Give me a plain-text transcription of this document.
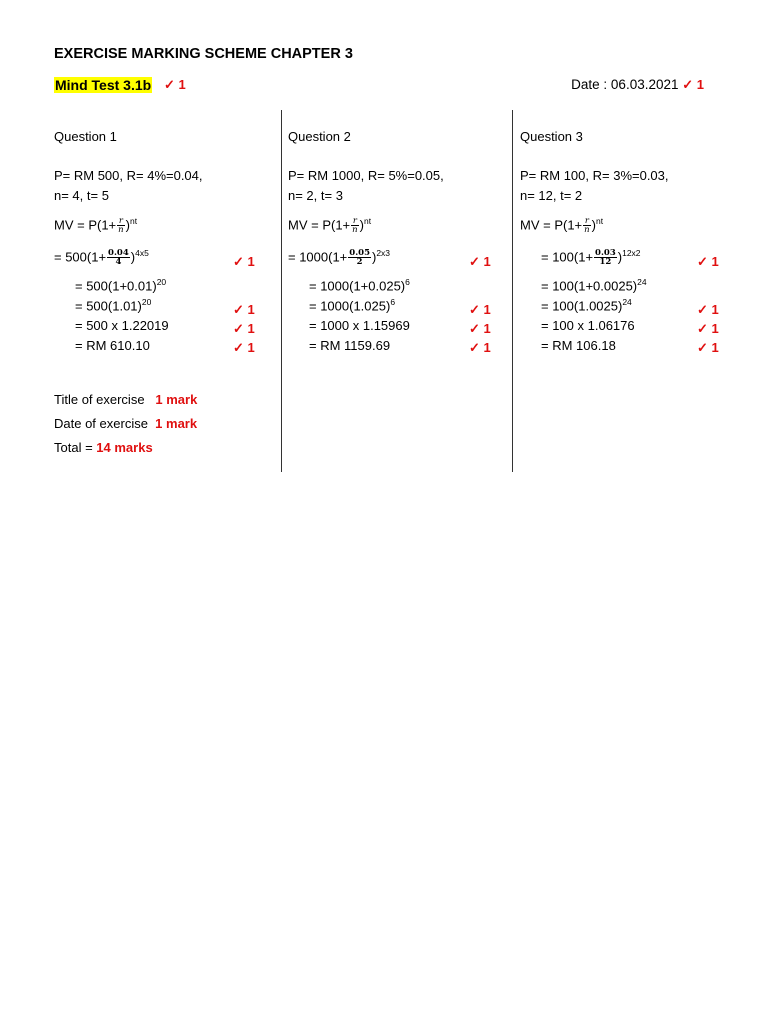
EXERCISE MARKING SCHEME CHAPTER 3
Mind Test 3.1b ✓ 1	Date : 06.03.2021 ✓ 1
Question 1
P= RM 500, R= 4%=0.04,
n= 4, t= 5
MV = $P(1+ \frac{r}{n} )^{nt}$
= $500(1+ \frac{0.04}{4} )^{4x5}$
= $500(1+0.01)^{20}$
= $500(1.01)^{20}$
= 500 x 1.22019
= RM 610.10
✓ 1
✓ 1
✓ 1
✓ 1
Question 2
P= RM 1000, R= 5%=0.05,
n= 2, t= 3
MV = $P(1+ \frac{r}{n} )^{nt}$
= $1000(1+ \frac{0.05}{2} )^{2x3}$
= $1000(1+0.025)^6$
= $1000(1.025)^6$
= 1000 x 1.15969
= RM 1159.69
✓ 1
✓ 1
✓ 1
✓ 1
Question 3
P= RM 100, R= 3%=0.03,
n= 12, t= 2
MV = $P(1+ \frac{r}{n} )^{nt}$
= $100(1+ \frac{0.03}{12} )^{12x2}$
= $100(1+0.0025)^{24}$
= $100(1.0025)^{24}$
= 100 x 1.06176
= RM 106.18
✓ 1
✓ 1
✓ 1
✓ 1
Title of exercise 1 mark
Date of exercise 1 mark
Total = 14 marks
